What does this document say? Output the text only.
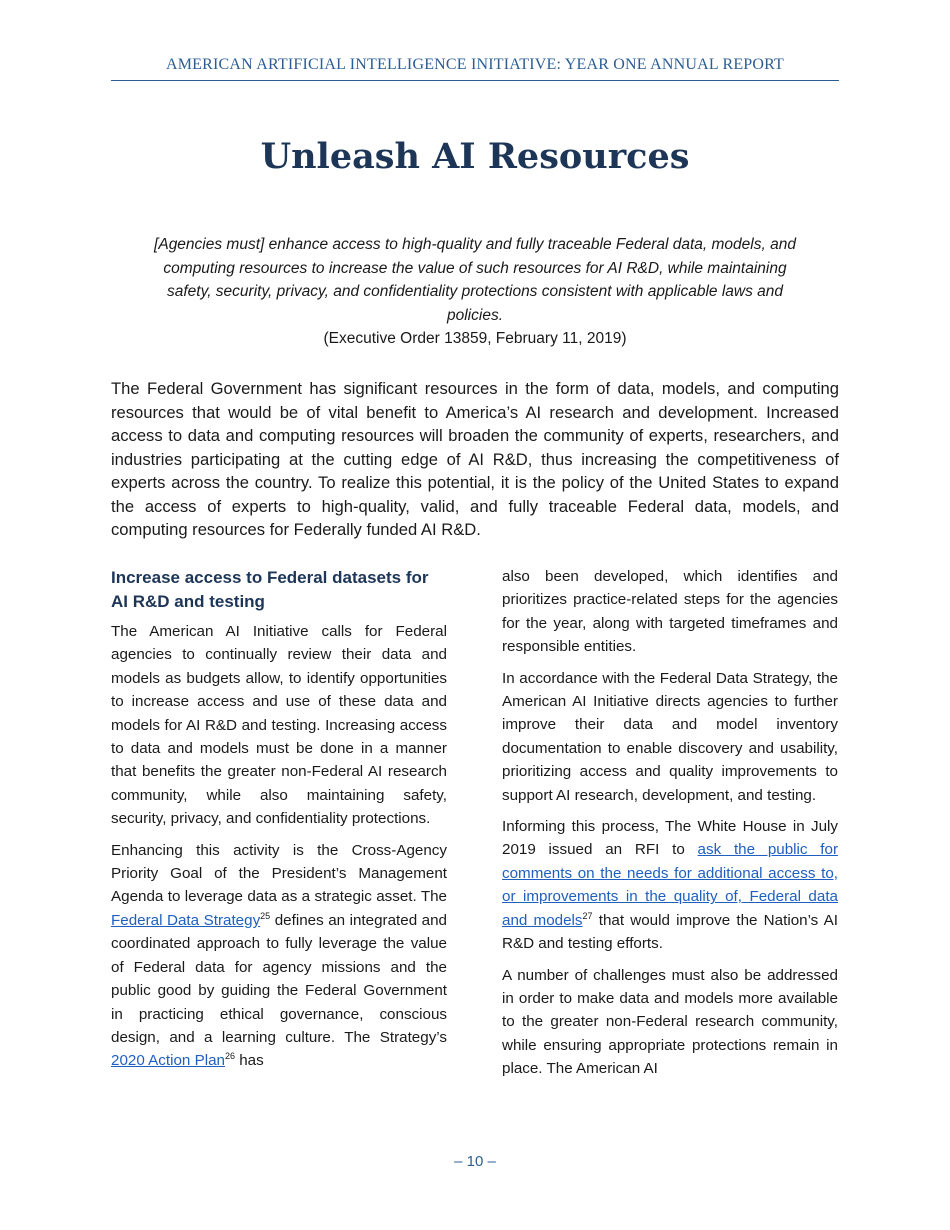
AMERICAN ARTIFICIAL INTELLIGENCE INITIATIVE: YEAR ONE ANNUAL REPORT
Unleash AI Resources
[Agencies must] enhance access to high-quality and fully traceable Federal data, models, and computing resources to increase the value of such resources for AI R&D, while maintaining safety, security, privacy, and confidentiality protections consistent with applicable laws and policies.
(Executive Order 13859, February 11, 2019)

The Federal Government has significant resources in the form of data, models, and computing resources that would be of vital benefit to America’s AI research and development. Increased access to data and computing resources will broaden the community of experts, researchers, and industries participating at the cutting edge of AI R&D, thus increasing the competitiveness of experts across the country. To realize this potential, it is the policy of the United States to expand the access of experts to high-quality, valid, and fully traceable Federal data, models, and computing resources for Federally funded AI R&D.

Increase access to Federal datasets for AI R&D and testing

The American AI Initiative calls for Federal agencies to continually review their data and models as budgets allow, to identify opportunities to increase access and use of these data and models for AI R&D and testing. Increasing access to data and models must be done in a manner that benefits the greater non-Federal AI research community, while also maintaining safety, security, privacy, and confidentiality protections.

Enhancing this activity is the Cross-Agency Priority Goal of the President’s Management Agenda to leverage data as a strategic asset. The Federal Data Strategy$^{25}$ defines an integrated and coordinated approach to fully leverage the value of Federal data for agency missions and the public good by guiding the Federal Government in practicing ethical governance, conscious design, and a learning culture. The Strategy’s 2020 Action Plan$^{26}$ has

also been developed, which identifies and prioritizes practice-related steps for the agencies for the year, along with targeted timeframes and responsible entities.

In accordance with the Federal Data Strategy, the American AI Initiative directs agencies to further improve their data and model inventory documentation to enable discovery and usability, prioritizing access and quality improvements to support AI research, development, and testing.

Informing this process, The White House in July 2019 issued an RFI to ask the public for comments on the needs for additional access to, or improvements in the quality of, Federal data and models$^{27}$ that would improve the Nation’s AI R&D and testing efforts.

A number of challenges must also be addressed in order to make data and models more available to the greater non-Federal research community, while ensuring appropriate protections remain in place. The American AI

– 10 –
